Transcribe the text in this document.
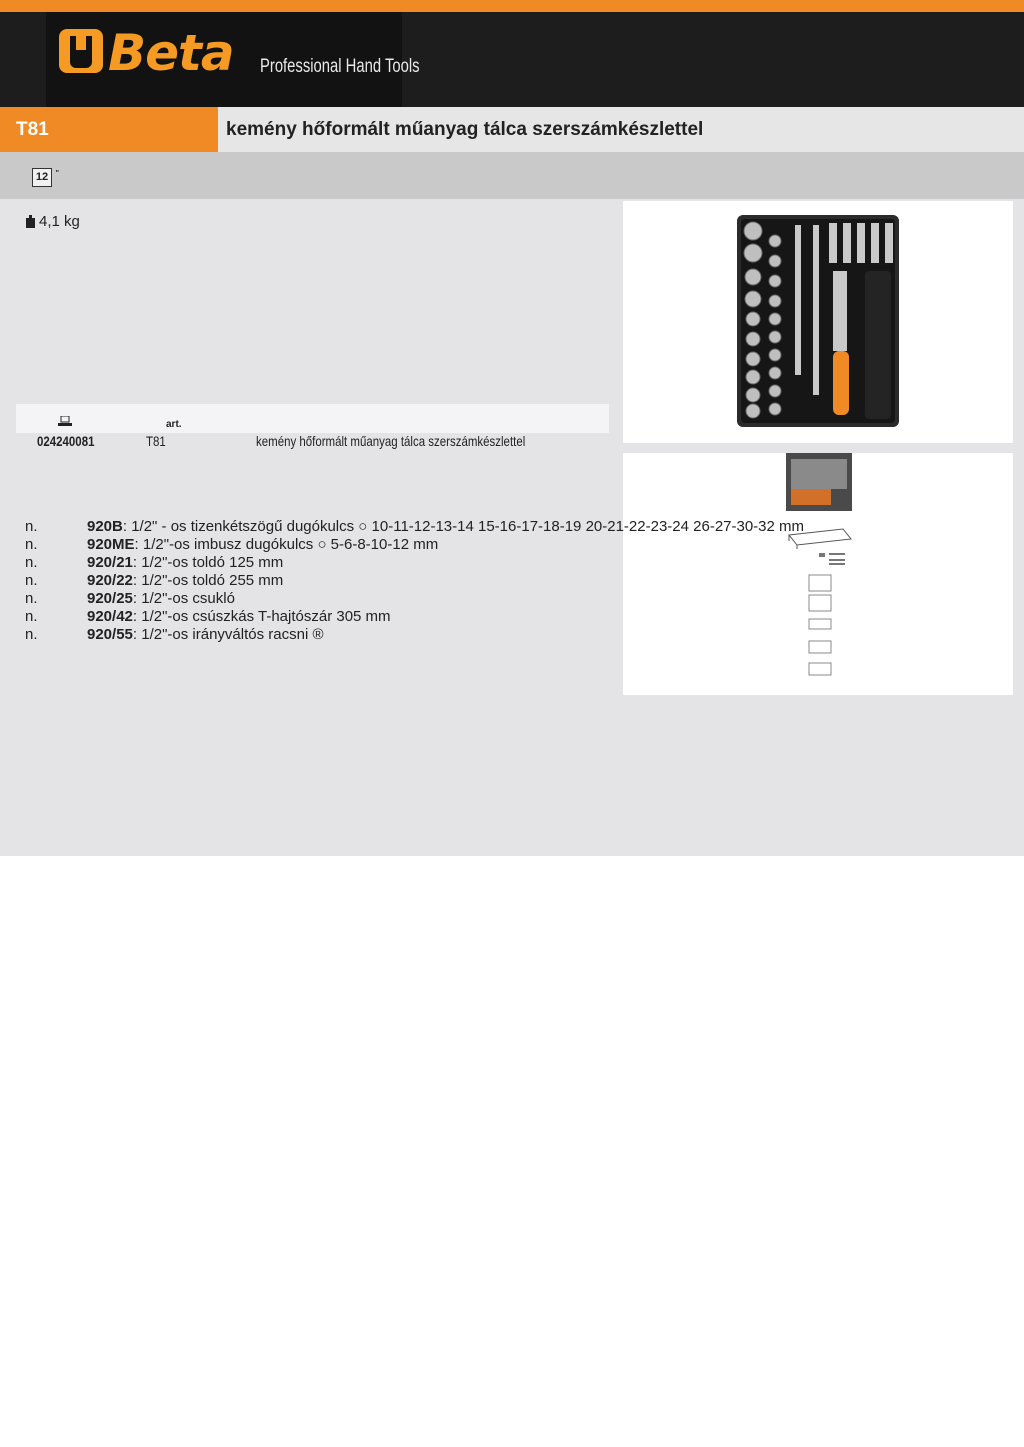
Beta Professional Hand Tools
T81	kemény hőformált műanyag tálca szerszámkészlettel
12 "
4,1 kg
art.
024240081	T81	kemény hőformált műanyag tálca szerszámkészlettel
n.	920B: 1/2" - os tizenkétszögű dugókulcs ○ 10-11-12-13-14 15-16-17-18-19 20-21-22-23-24 26-27-30-32 mm
n.	920ME: 1/2"-os imbusz dugókulcs ○ 5-6-8-10-12 mm
n.	920/21: 1/2"-os toldó 125 mm
n.	920/22: 1/2"-os toldó 255 mm
n.	920/25: 1/2"-os csukló
n.	920/42: 1/2"-os csúszkás T-hajtószár 305 mm
n.	920/55: 1/2"-os irányváltós racsni ®
